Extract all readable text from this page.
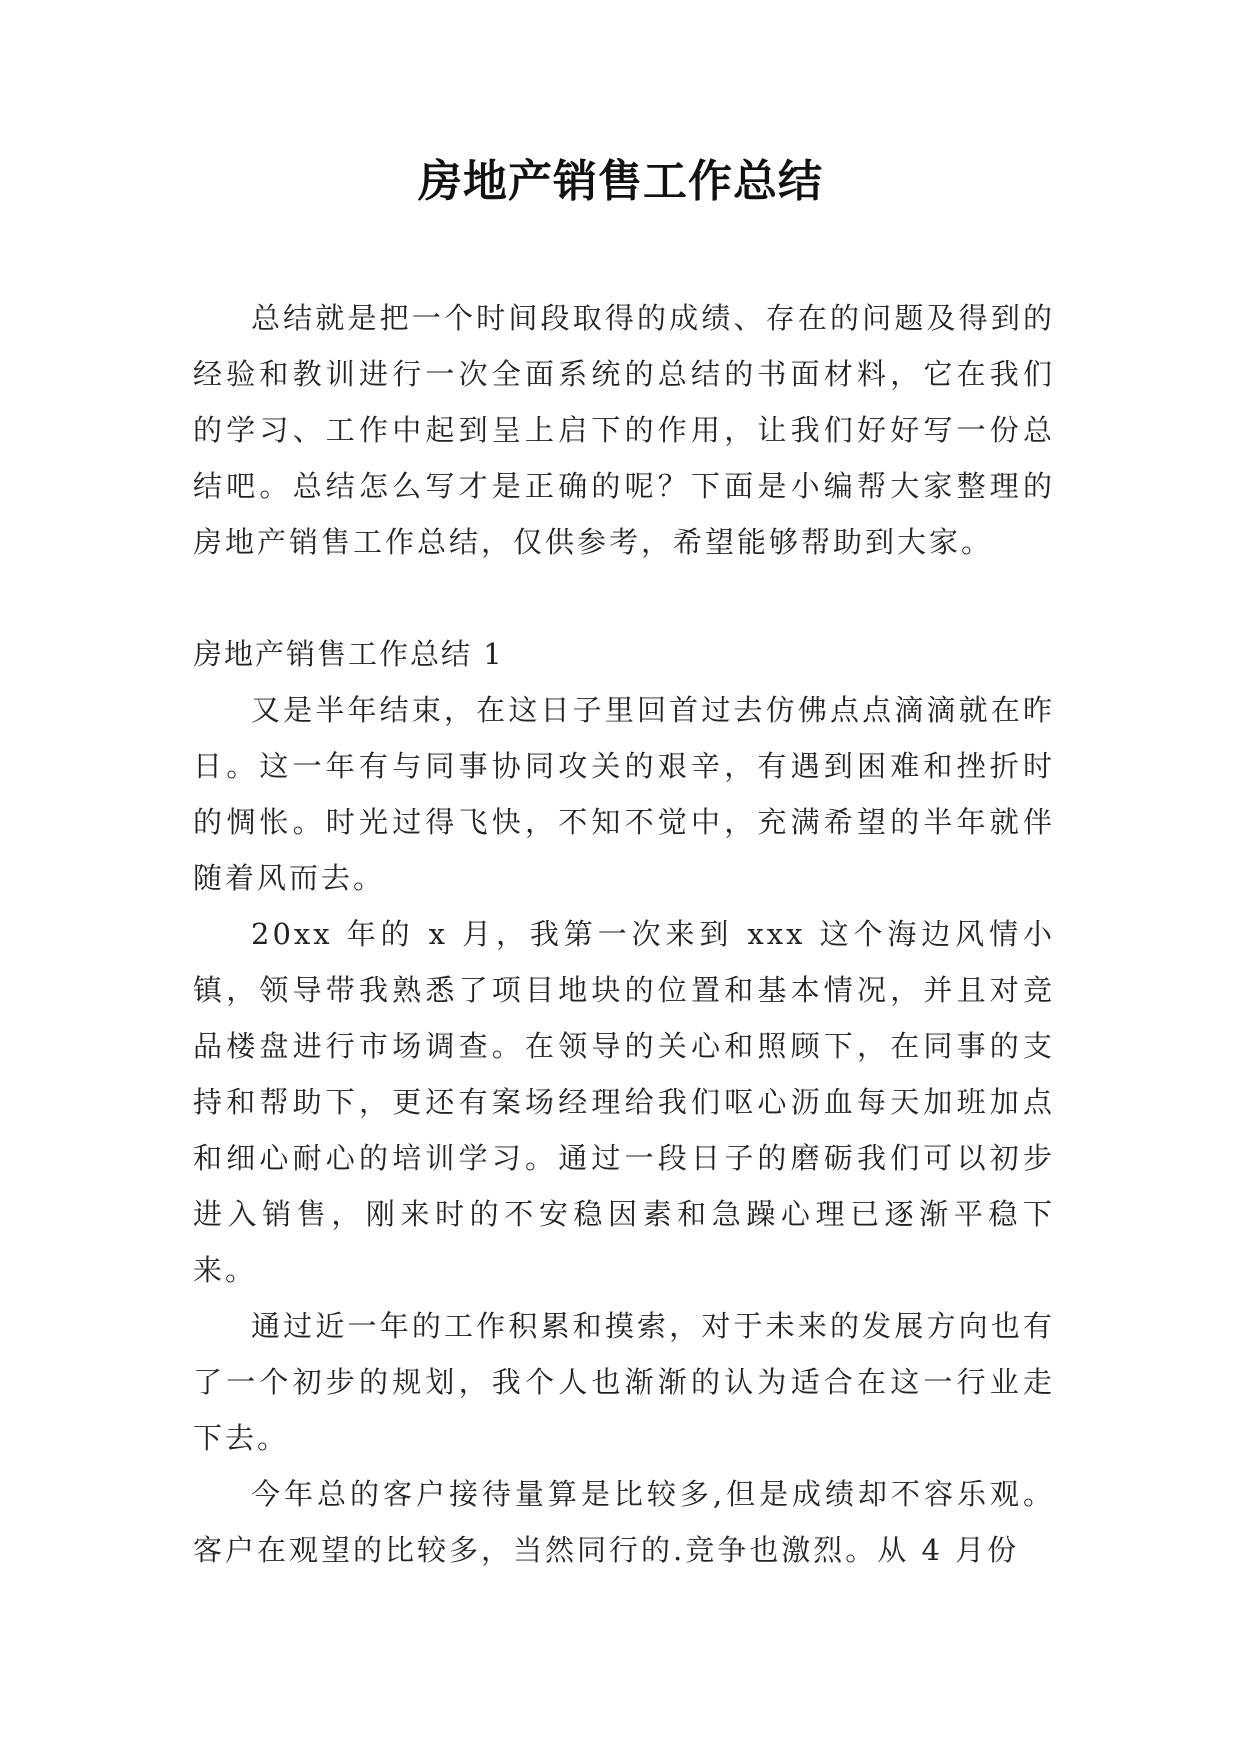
房地产销售工作总结

总结就是把一个时间段取得的成绩、存在的问题及得到的经验和教训进行一次全面系统的总结的书面材料，它在我们的学习、工作中起到呈上启下的作用，让我们好好写一份总结吧。总结怎么写才是正确的呢？下面是小编帮大家整理的房地产销售工作总结，仅供参考，希望能够帮助到大家。

房地产销售工作总结 1

又是半年结束，在这日子里回首过去仿佛点点滴滴就在昨日。这一年有与同事协同攻关的艰辛，有遇到困难和挫折时的惆怅。时光过得飞快，不知不觉中，充满希望的半年就伴随着风而去。

20xx 年的 x 月，我第一次来到 xxx 这个海边风情小镇，领导带我熟悉了项目地块的位置和基本情况，并且对竞品楼盘进行市场调查。在领导的关心和照顾下，在同事的支持和帮助下，更还有案场经理给我们呕心沥血每天加班加点和细心耐心的培训学习。通过一段日子的磨砺我们可以初步进入销售，刚来时的不安稳因素和急躁心理已逐渐平稳下来。

通过近一年的工作积累和摸索，对于未来的发展方向也有了一个初步的规划，我个人也渐渐的认为适合在这一行业走下去。

今年总的客户接待量算是比较多,但是成绩却不容乐观。客户在观望的比较多，当然同行的.竞争也激烈。从 4 月份
